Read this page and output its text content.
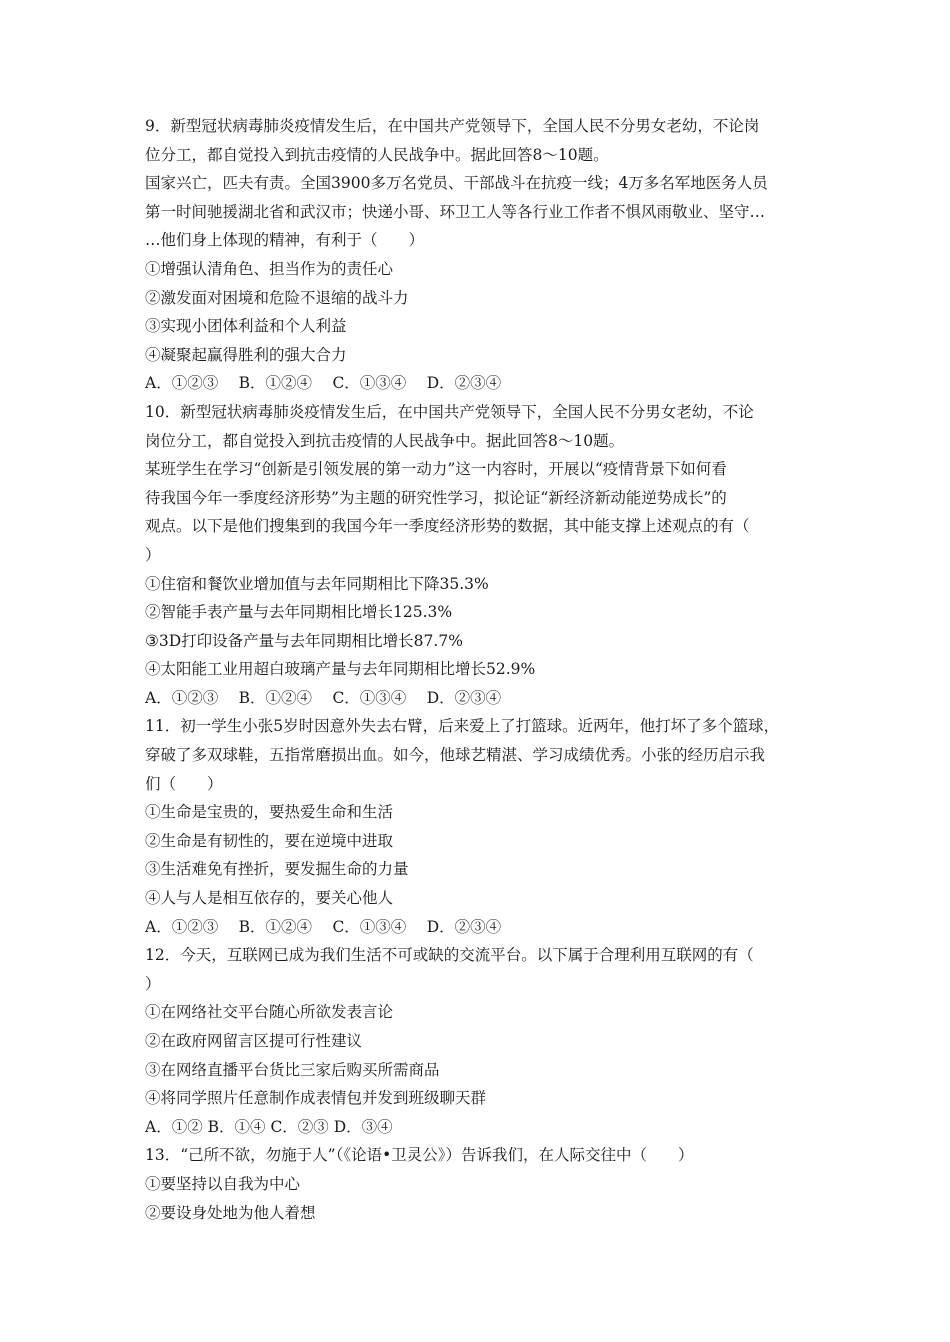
9．新型冠状病毒肺炎疫情发生后，在中国共产党领导下，全国人民不分男女老幼，不论岗
位分工，都自觉投入到抗击疫情的人民战争中。据此回答8～10题。
国家兴亡，匹夫有责。全国3900多万名党员、干部战斗在抗疫一线；4万多名军地医务人员
第一时间驰援湖北省和武汉市；快递小哥、环卫工人等各行业工作者不惧风雨敬业、坚守…
…他们身上体现的精神，有利于（　　）
①增强认清角色、担当作为的责任心
②激发面对困境和危险不退缩的战斗力
③实现小团体利益和个人利益
④凝聚起赢得胜利的强大合力
A．①②③　 B．①②④　 C．①③④　 D．②③④
10．新型冠状病毒肺炎疫情发生后，在中国共产党领导下，全国人民不分男女老幼，不论
岗位分工，都自觉投入到抗击疫情的人民战争中。据此回答8～10题。
某班学生在学习“创新是引领发展的第一动力”这一内容时，开展以“疫情背景下如何看
待我国今年一季度经济形势”为主题的研究性学习，拟论证“新经济新动能逆势成长”的
观点。以下是他们搜集到的我国今年一季度经济形势的数据，其中能支撑上述观点的有（
）
①住宿和餐饮业增加值与去年同期相比下降35.3%
②智能手表产量与去年同期相比增长125.3%
③3D打印设备产量与去年同期相比增长87.7%
④太阳能工业用超白玻璃产量与去年同期相比增长52.9%
A．①②③　 B．①②④　 C．①③④　 D．②③④
11．初一学生小张5岁时因意外失去右臂，后来爱上了打篮球。近两年，他打坏了多个篮球，
穿破了多双球鞋，五指常磨损出血。如今，他球艺精湛、学习成绩优秀。小张的经历启示我
们（　　）
①生命是宝贵的，要热爱生命和生活
②生命是有韧性的，要在逆境中进取
③生活难免有挫折，要发掘生命的力量
④人与人是相互依存的，要关心他人
A．①②③　 B．①②④　 C．①③④　 D．②③④
12．今天，互联网已成为我们生活不可或缺的交流平台。以下属于合理利用互联网的有（
）
①在网络社交平台随心所欲发表言论
②在政府网留言区提可行性建议
③在网络直播平台货比三家后购买所需商品
④将同学照片任意制作成表情包并发到班级聊天群
A．①② B．①④ C．②③ D．③④
13．“己所不欲，勿施于人”（《论语•卫灵公》）告诉我们，在人际交往中（　　）
①要坚持以自我为中心
②要设身处地为他人着想
